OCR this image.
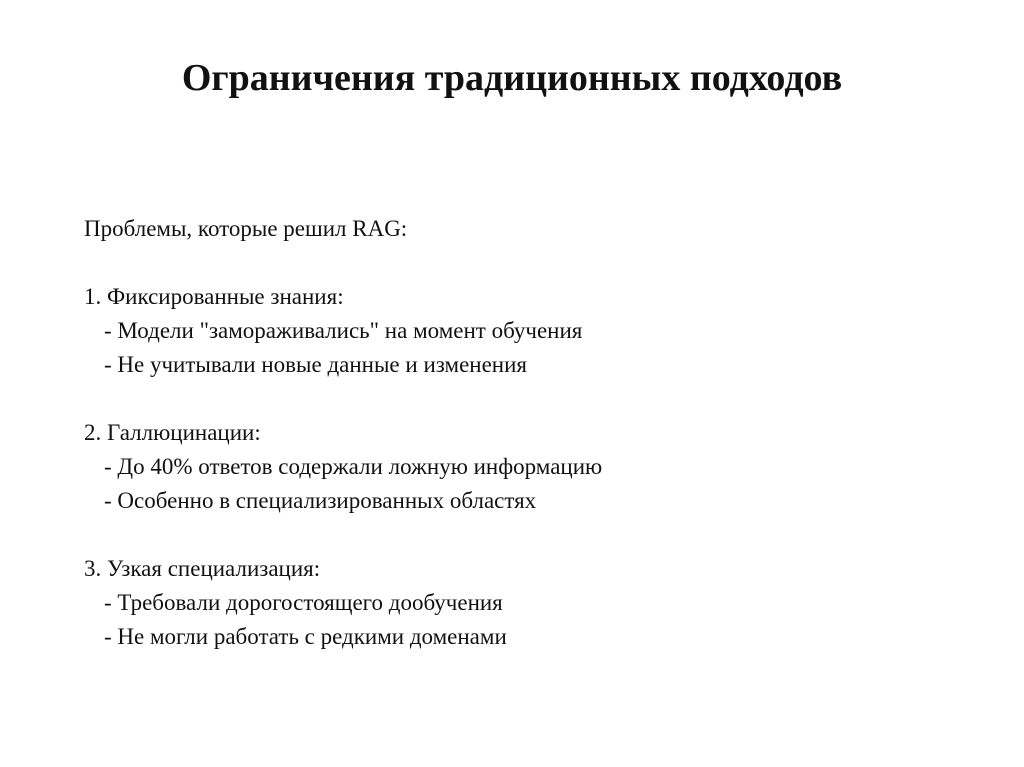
Ограничения традиционных подходов
Проблемы, которые решил RAG:
1. Фиксированные знания:
- Модели "замораживались" на момент обучения
- Не учитывали новые данные и изменения
2. Галлюцинации:
- До 40% ответов содержали ложную информацию
- Особенно в специализированных областях
3. Узкая специализация:
- Требовали дорогостоящего дообучения
- Не могли работать с редкими доменами
